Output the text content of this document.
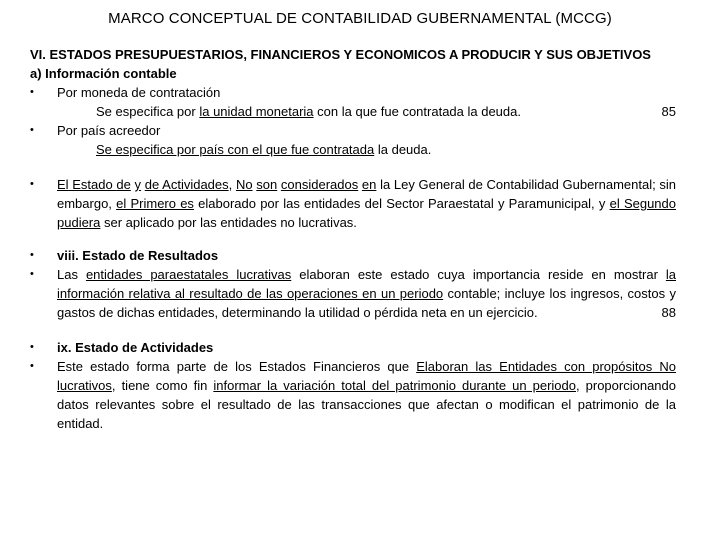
MARCO CONCEPTUAL DE CONTABILIDAD GUBERNAMENTAL (MCCG)
VI. ESTADOS PRESUPUESTARIOS, FINANCIEROS Y ECONOMICOS A PRODUCIR Y SUS OBJETIVOS
a) Información contable
•	Por moneda de contratación
Se especifica por la unidad monetaria con la que fue contratada la deuda.	85
•	Por país acreedor
Se especifica por país con el que fue contratada la deuda.
•	El Estado de y de Actividades, No son considerados en la Ley General de Contabilidad Gubernamental; sin embargo, el Primero es elaborado por las entidades del Sector Paraestatal y Paramunicipal, y el Segundo pudiera ser aplicado por las entidades no lucrativas.
•	viii. Estado de Resultados
•	Las entidades paraestatales lucrativas elaboran este estado cuya importancia reside en mostrar la información relativa al resultado de las operaciones en un periodo contable; incluye los ingresos, costos y gastos de dichas entidades, determinando la utilidad o pérdida neta en un ejercicio.	88
•	ix. Estado de Actividades
•	Este estado forma parte de los Estados Financieros que Elaboran las Entidades con propósitos No lucrativos, tiene como fin informar la variación total del patrimonio durante un periodo, proporcionando datos relevantes sobre el resultado de las transacciones que afectan o modifican el patrimonio de la entidad.
